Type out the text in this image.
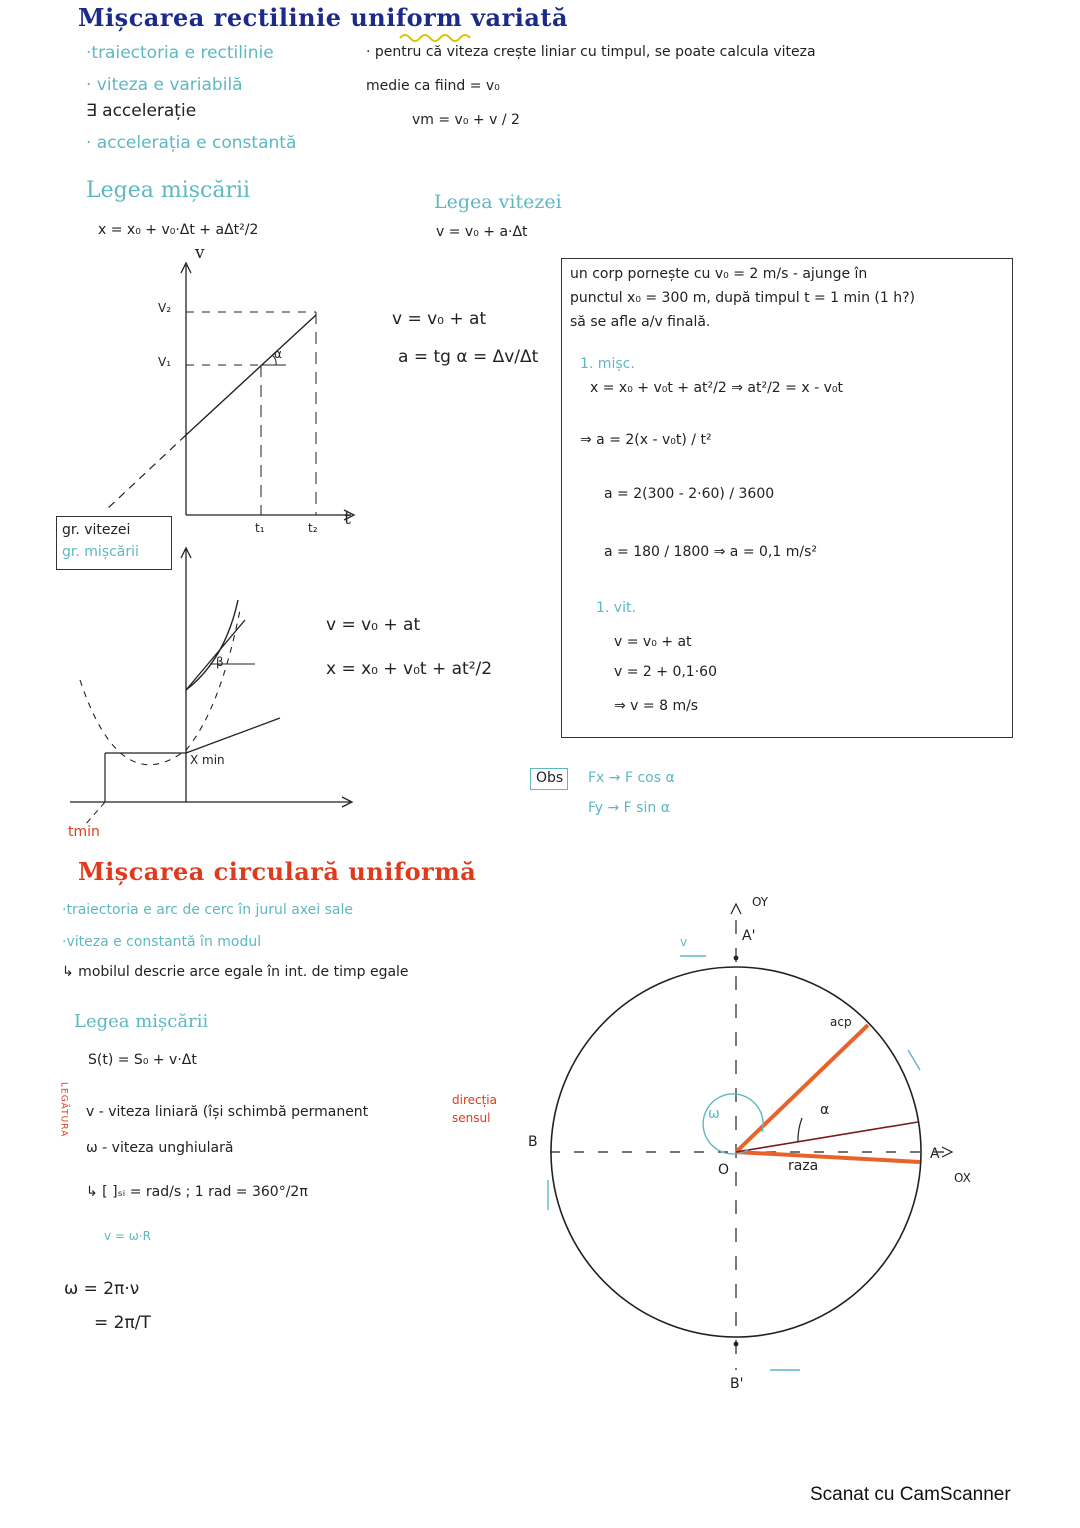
Mișcarea rectilinie uniform variată
·traiectoria e rectilinie
· viteza e variabilă
∃ accelerație
· accelerația e constantă
· pentru că viteza crește liniar cu timpul, se poate calcula viteza
medie ca fiind = v₀
vm = v₀ + v / 2
Legea mișcării
x = x₀ + v₀·Δt + aΔt²/2
Legea vitezei
v = v₀ + a·Δt
v
V₂
V₁
α
t₁	t₂ t
v = v₀ + at
a = tg α = Δv/Δt
gr. vitezei
gr. mișcării
β
X min
tmin
v = v₀ + at
x = x₀ + v₀t + at²/2
un corp pornește cu v₀ = 2 m/s - ajunge în
punctul x₀ = 300 m, după timpul t = 1 min (1 h?)
să se afle a/v finală.
1. mișc.
x = x₀ + v₀t + at²/2 ⇒ at²/2 = x - v₀t
⇒ a = 2(x - v₀t) / t²
a = 2(300 - 2·60) / 3600
a = 180 / 1800 ⇒ a = 0,1 m/s²
1. vit.
v = v₀ + at
v = 2 + 0,1·60
⇒ v = 8 m/s
Obs Fx → F cos α
Fy → F sin α
Mișcarea circulară uniformă
·traiectoria e arc de cerc în jurul axei sale
·viteza e constantă în modul
↳ mobilul descrie arce egale în int. de timp egale
Legea mișcării
S(t) = S₀ + v·Δt
LEGĂTURA v - viteza liniară (își schimbă permanent
direcția
sensul
ω - viteza unghiulară
↳ [ ]ₛᵢ = rad/s ; 1 rad = 360°/2π
v = ω·R
ω = 2π·ν
= 2π/T
OY
A'
B
O
A
OX
B'
raza
α
ω
acp
v
Scanat cu CamScanner
